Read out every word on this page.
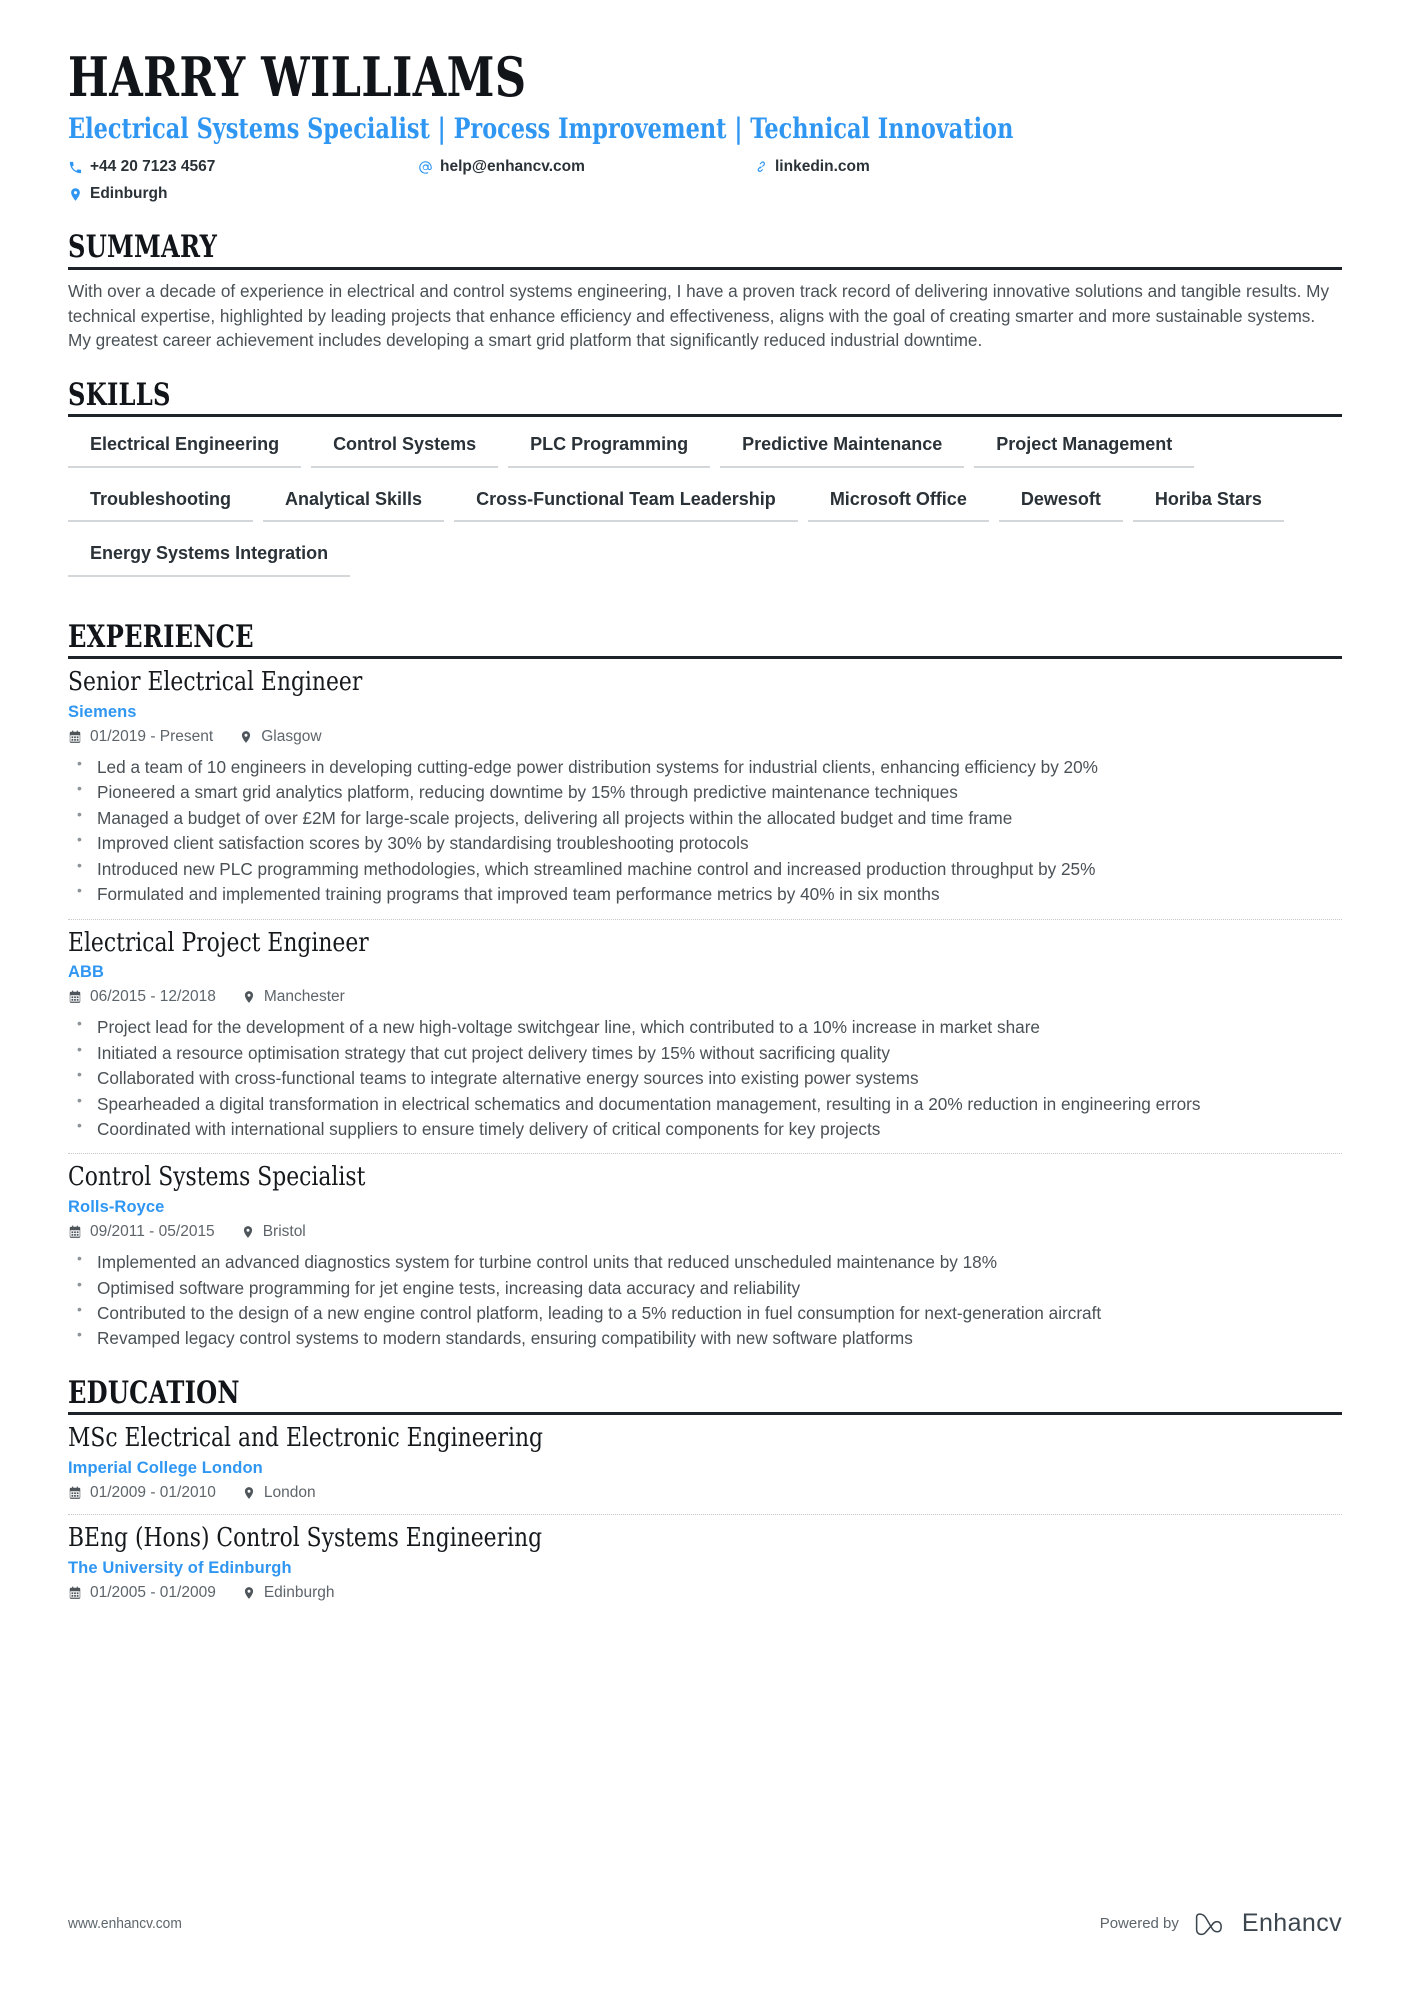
HARRY WILLIAMS
Electrical Systems Specialist | Process Improvement | Technical Innovation
+44 20 7123 4567	help@enhancv.com	linkedin.com
Edinburgh
SUMMARY

With over a decade of experience in electrical and control systems engineering, I have a proven track record of delivering innovative solutions and tangible results. My technical expertise, highlighted by leading projects that enhance efficiency and effectiveness, aligns with the goal of creating smarter and more sustainable systems. My greatest career achievement includes developing a smart grid platform that significantly reduced industrial downtime.

SKILLS
Electrical Engineering	Control Systems	PLC Programming	Predictive Maintenance	Project Management
Troubleshooting	Analytical Skills	Cross-Functional Team Leadership	Microsoft Office	Dewesoft	Horiba Stars
Energy Systems Integration
EXPERIENCE
Senior Electrical Engineer
Siemens
01/2019 - Present	Glasgow
• Led a team of 10 engineers in developing cutting-edge power distribution systems for industrial clients, enhancing efficiency by 20%
• Pioneered a smart grid analytics platform, reducing downtime by 15% through predictive maintenance techniques
• Managed a budget of over £2M for large-scale projects, delivering all projects within the allocated budget and time frame
• Improved client satisfaction scores by 30% by standardising troubleshooting protocols
• Introduced new PLC programming methodologies, which streamlined machine control and increased production throughput by 25%
• Formulated and implemented training programs that improved team performance metrics by 40% in six months
Electrical Project Engineer
ABB
06/2015 - 12/2018	Manchester
• Project lead for the development of a new high-voltage switchgear line, which contributed to a 10% increase in market share
• Initiated a resource optimisation strategy that cut project delivery times by 15% without sacrificing quality
• Collaborated with cross-functional teams to integrate alternative energy sources into existing power systems
• Spearheaded a digital transformation in electrical schematics and documentation management, resulting in a 20% reduction in engineering errors
• Coordinated with international suppliers to ensure timely delivery of critical components for key projects
Control Systems Specialist
Rolls-Royce
09/2011 - 05/2015	Bristol
• Implemented an advanced diagnostics system for turbine control units that reduced unscheduled maintenance by 18%
• Optimised software programming for jet engine tests, increasing data accuracy and reliability
• Contributed to the design of a new engine control platform, leading to a 5% reduction in fuel consumption for next-generation aircraft
• Revamped legacy control systems to modern standards, ensuring compatibility with new software platforms
EDUCATION
MSc Electrical and Electronic Engineering
Imperial College London
01/2009 - 01/2010	London
BEng (Hons) Control Systems Engineering
The University of Edinburgh
01/2005 - 01/2009	Edinburgh
www.enhancv.com	Powered by	Enhancv
